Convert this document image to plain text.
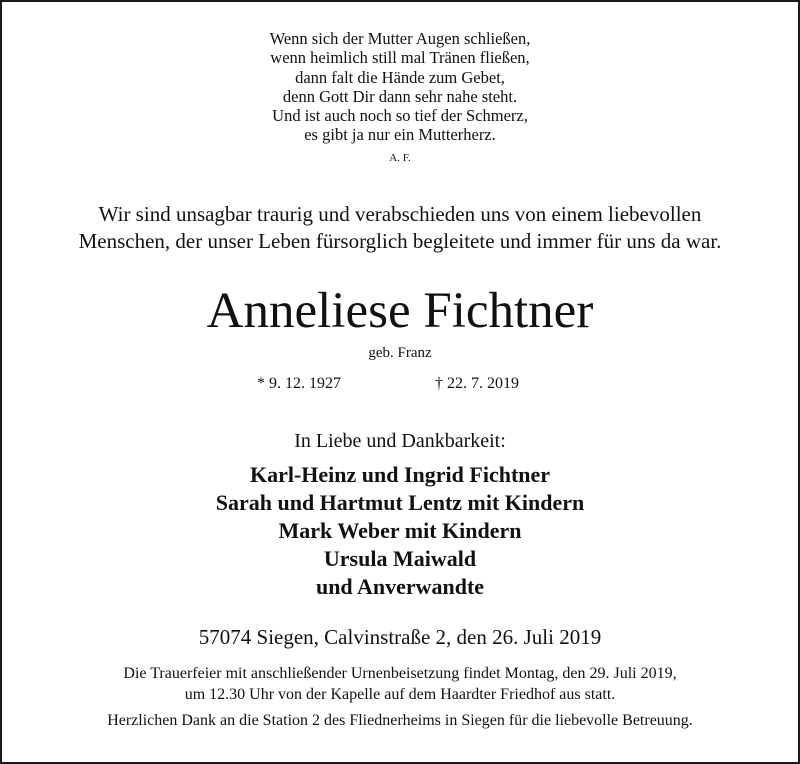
Wenn sich der Mutter Augen schließen,
wenn heimlich still mal Tränen fließen,
dann falt die Hände zum Gebet,
denn Gott Dir dann sehr nahe steht.
Und ist auch noch so tief der Schmerz,
es gibt ja nur ein Mutterherz.
A. F.
Wir sind unsagbar traurig und verabschieden uns von einem liebevollen
Menschen, der unser Leben fürsorglich begleitete und immer für uns da war.
Anneliese Fichtner
geb. Franz
* 9. 12. 1927	† 22. 7. 2019
In Liebe und Dankbarkeit:
Karl-Heinz und Ingrid Fichtner
Sarah und Hartmut Lentz mit Kindern
Mark Weber mit Kindern
Ursula Maiwald
und Anverwandte
57074 Siegen, Calvinstraße 2, den 26. Juli 2019
Die Trauerfeier mit anschließender Urnenbeisetzung findet Montag, den 29. Juli 2019,
um 12.30 Uhr von der Kapelle auf dem Haardter Friedhof aus statt.
Herzlichen Dank an die Station 2 des Fliednerheims in Siegen für die liebevolle Betreuung.
